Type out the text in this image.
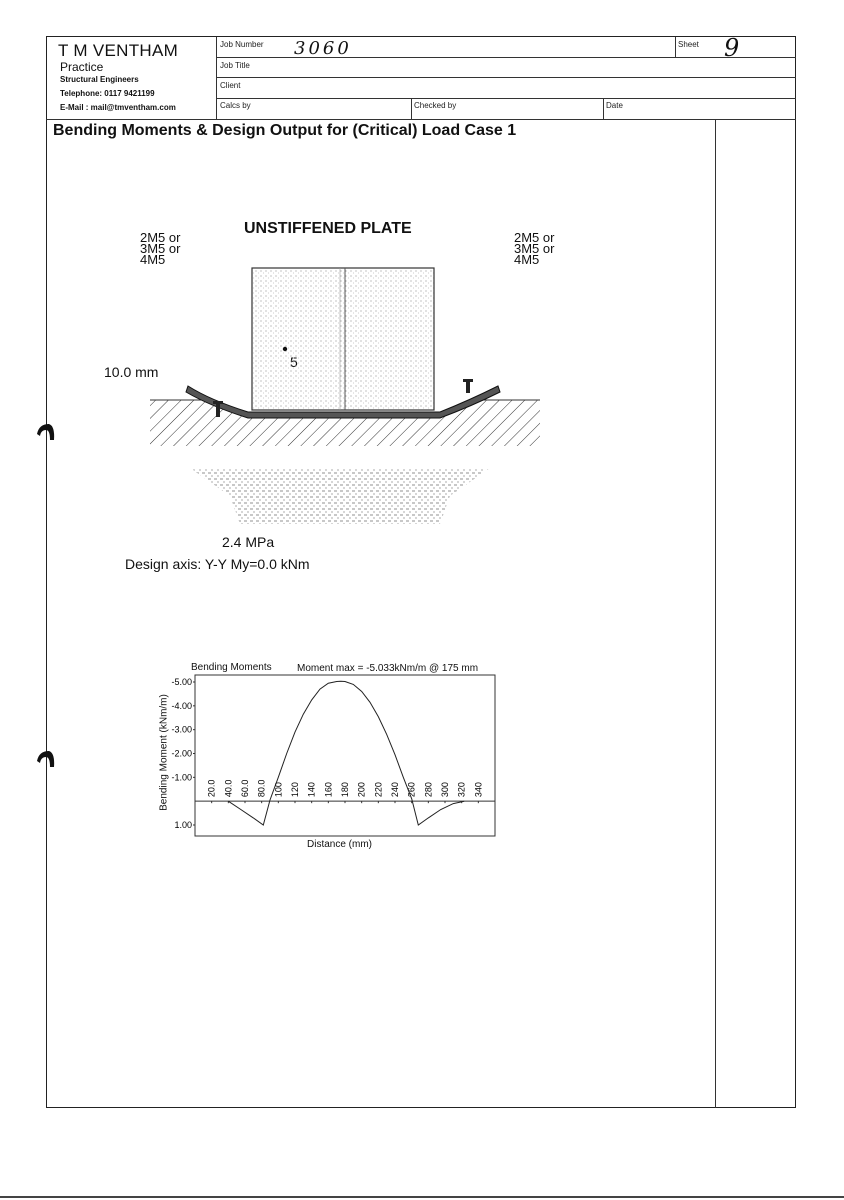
T M VENTHAM
Practice
Structural Engineers
Telephone: 0117 9421199
E-Mail : mail@tmventham.com
Job Number 3060
Job Title
Client
Calcs by	Checked by	Date
Sheet 9
Bending Moments & Design Output for (Critical) Load Case 1
UNSTIFFENED PLATE
2M5 or
3M5 or
4M5
2M5 or
3M5 or
4M5
10.0 mm
2.4 MPa
Design axis: Y-Y My=0.0 kNm
Bending Moments	Moment max = -5.033kNm/m @ 175 mm
Distance (mm)
Bending Moment (kNm/m)
-5.00
-4.00
-3.00
-2.00
-1.00
1.00
20.0 40.0 60.0 80.0 100 120 140 160 180 200 220 240 260 280 300 320 340
